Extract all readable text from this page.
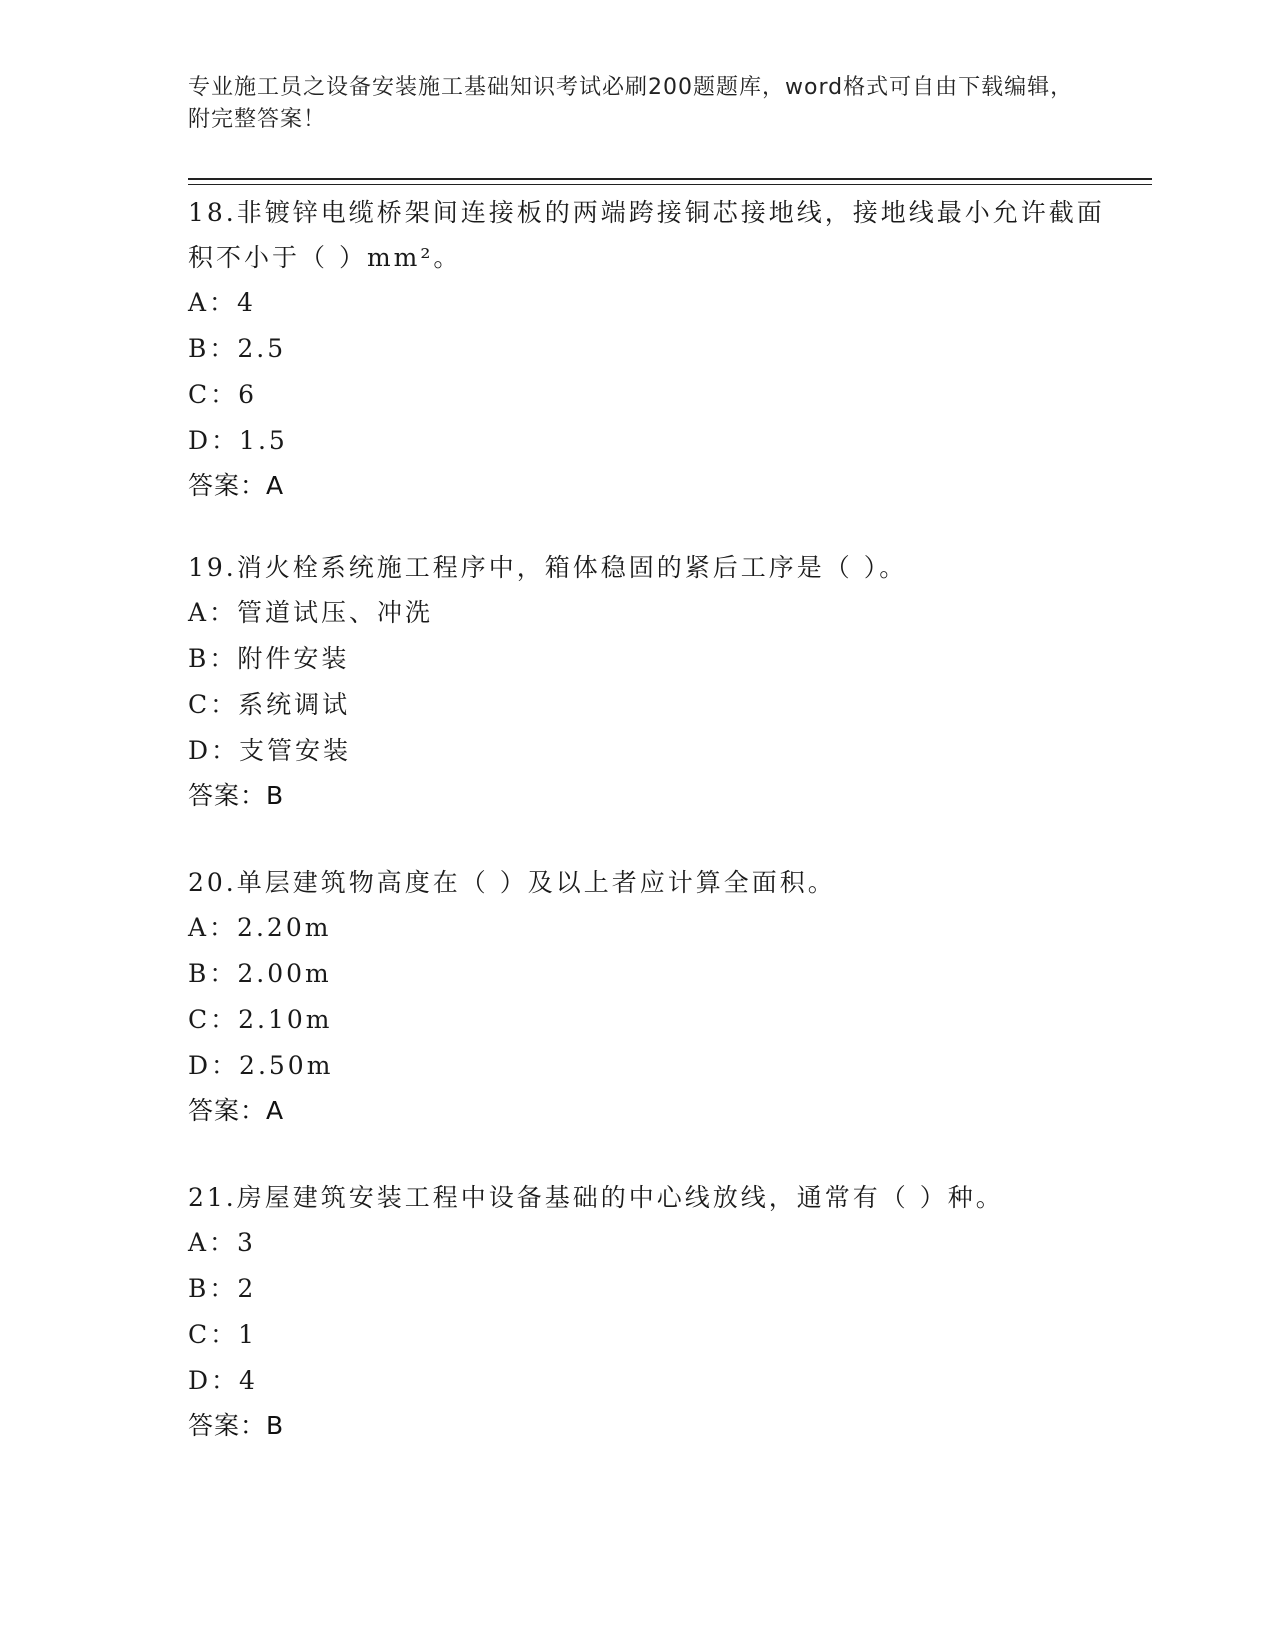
专业施工员之设备安装施工基础知识考试必刷200题题库，word格式可自由下载编辑，附完整答案！

18.非镀锌电缆桥架间连接板的两端跨接铜芯接地线，接地线最小允许截面积不小于（ ）mm²。

A：4
B：2.5
C：6
D：1.5
答案：A

19.消火栓系统施工程序中，箱体稳固的紧后工序是（ ）。

A：管道试压、冲洗
B：附件安装
C：系统调试
D：支管安装
答案：B

20.单层建筑物高度在（ ）及以上者应计算全面积。

A：2.20m
B：2.00m
C：2.10m
D：2.50m
答案：A

21.房屋建筑安装工程中设备基础的中心线放线，通常有（ ）种。

A：3
B：2
C：1
D：4
答案：B
